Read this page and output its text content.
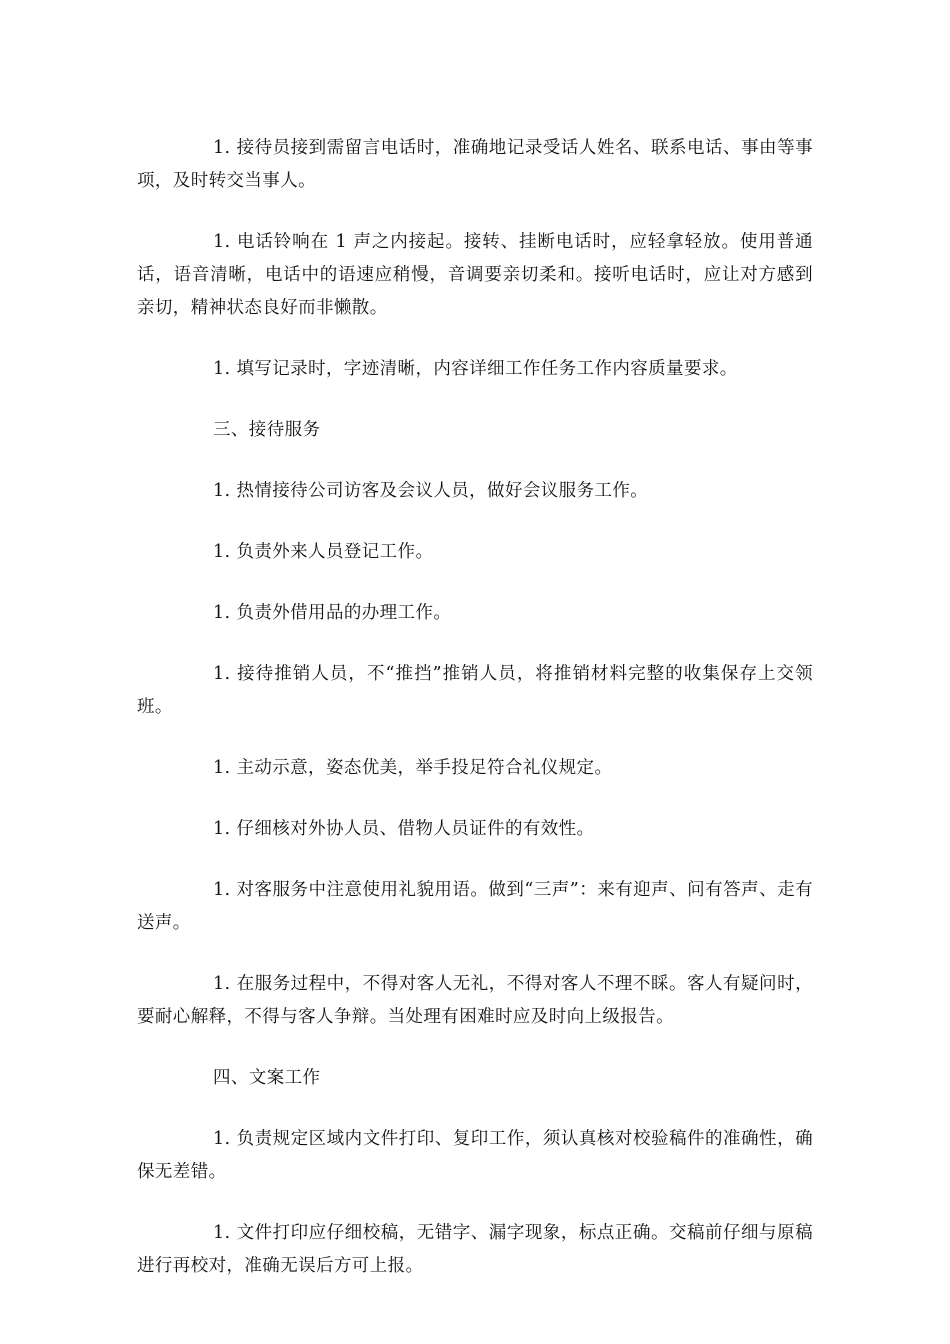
1. 接待员接到需留言电话时，准确地记录受话人姓名、联系电话、事由等事项，及时转交当事人。

1. 电话铃响在 1 声之内接起。接转、挂断电话时，应轻拿轻放。使用普通话，语音清晰，电话中的语速应稍慢，音调要亲切柔和。接听电话时，应让对方感到亲切，精神状态良好而非懒散。

1. 填写记录时，字迹清晰，内容详细工作任务工作内容质量要求。

三、接待服务

1. 热情接待公司访客及会议人员，做好会议服务工作。

1. 负责外来人员登记工作。

1. 负责外借用品的办理工作。

1. 接待推销人员，不“推挡”推销人员，将推销材料完整的收集保存上交领班。

1. 主动示意，姿态优美，举手投足符合礼仪规定。

1. 仔细核对外协人员、借物人员证件的有效性。

1. 对客服务中注意使用礼貌用语。做到“三声”：来有迎声、问有答声、走有送声。

1. 在服务过程中，不得对客人无礼，不得对客人不理不睬。客人有疑问时，要耐心解释，不得与客人争辩。当处理有困难时应及时向上级报告。

四、文案工作

1. 负责规定区域内文件打印、复印工作，须认真核对校验稿件的准确性，确保无差错。

1. 文件打印应仔细校稿，无错字、漏字现象，标点正确。交稿前仔细与原稿进行再校对，准确无误后方可上报。
